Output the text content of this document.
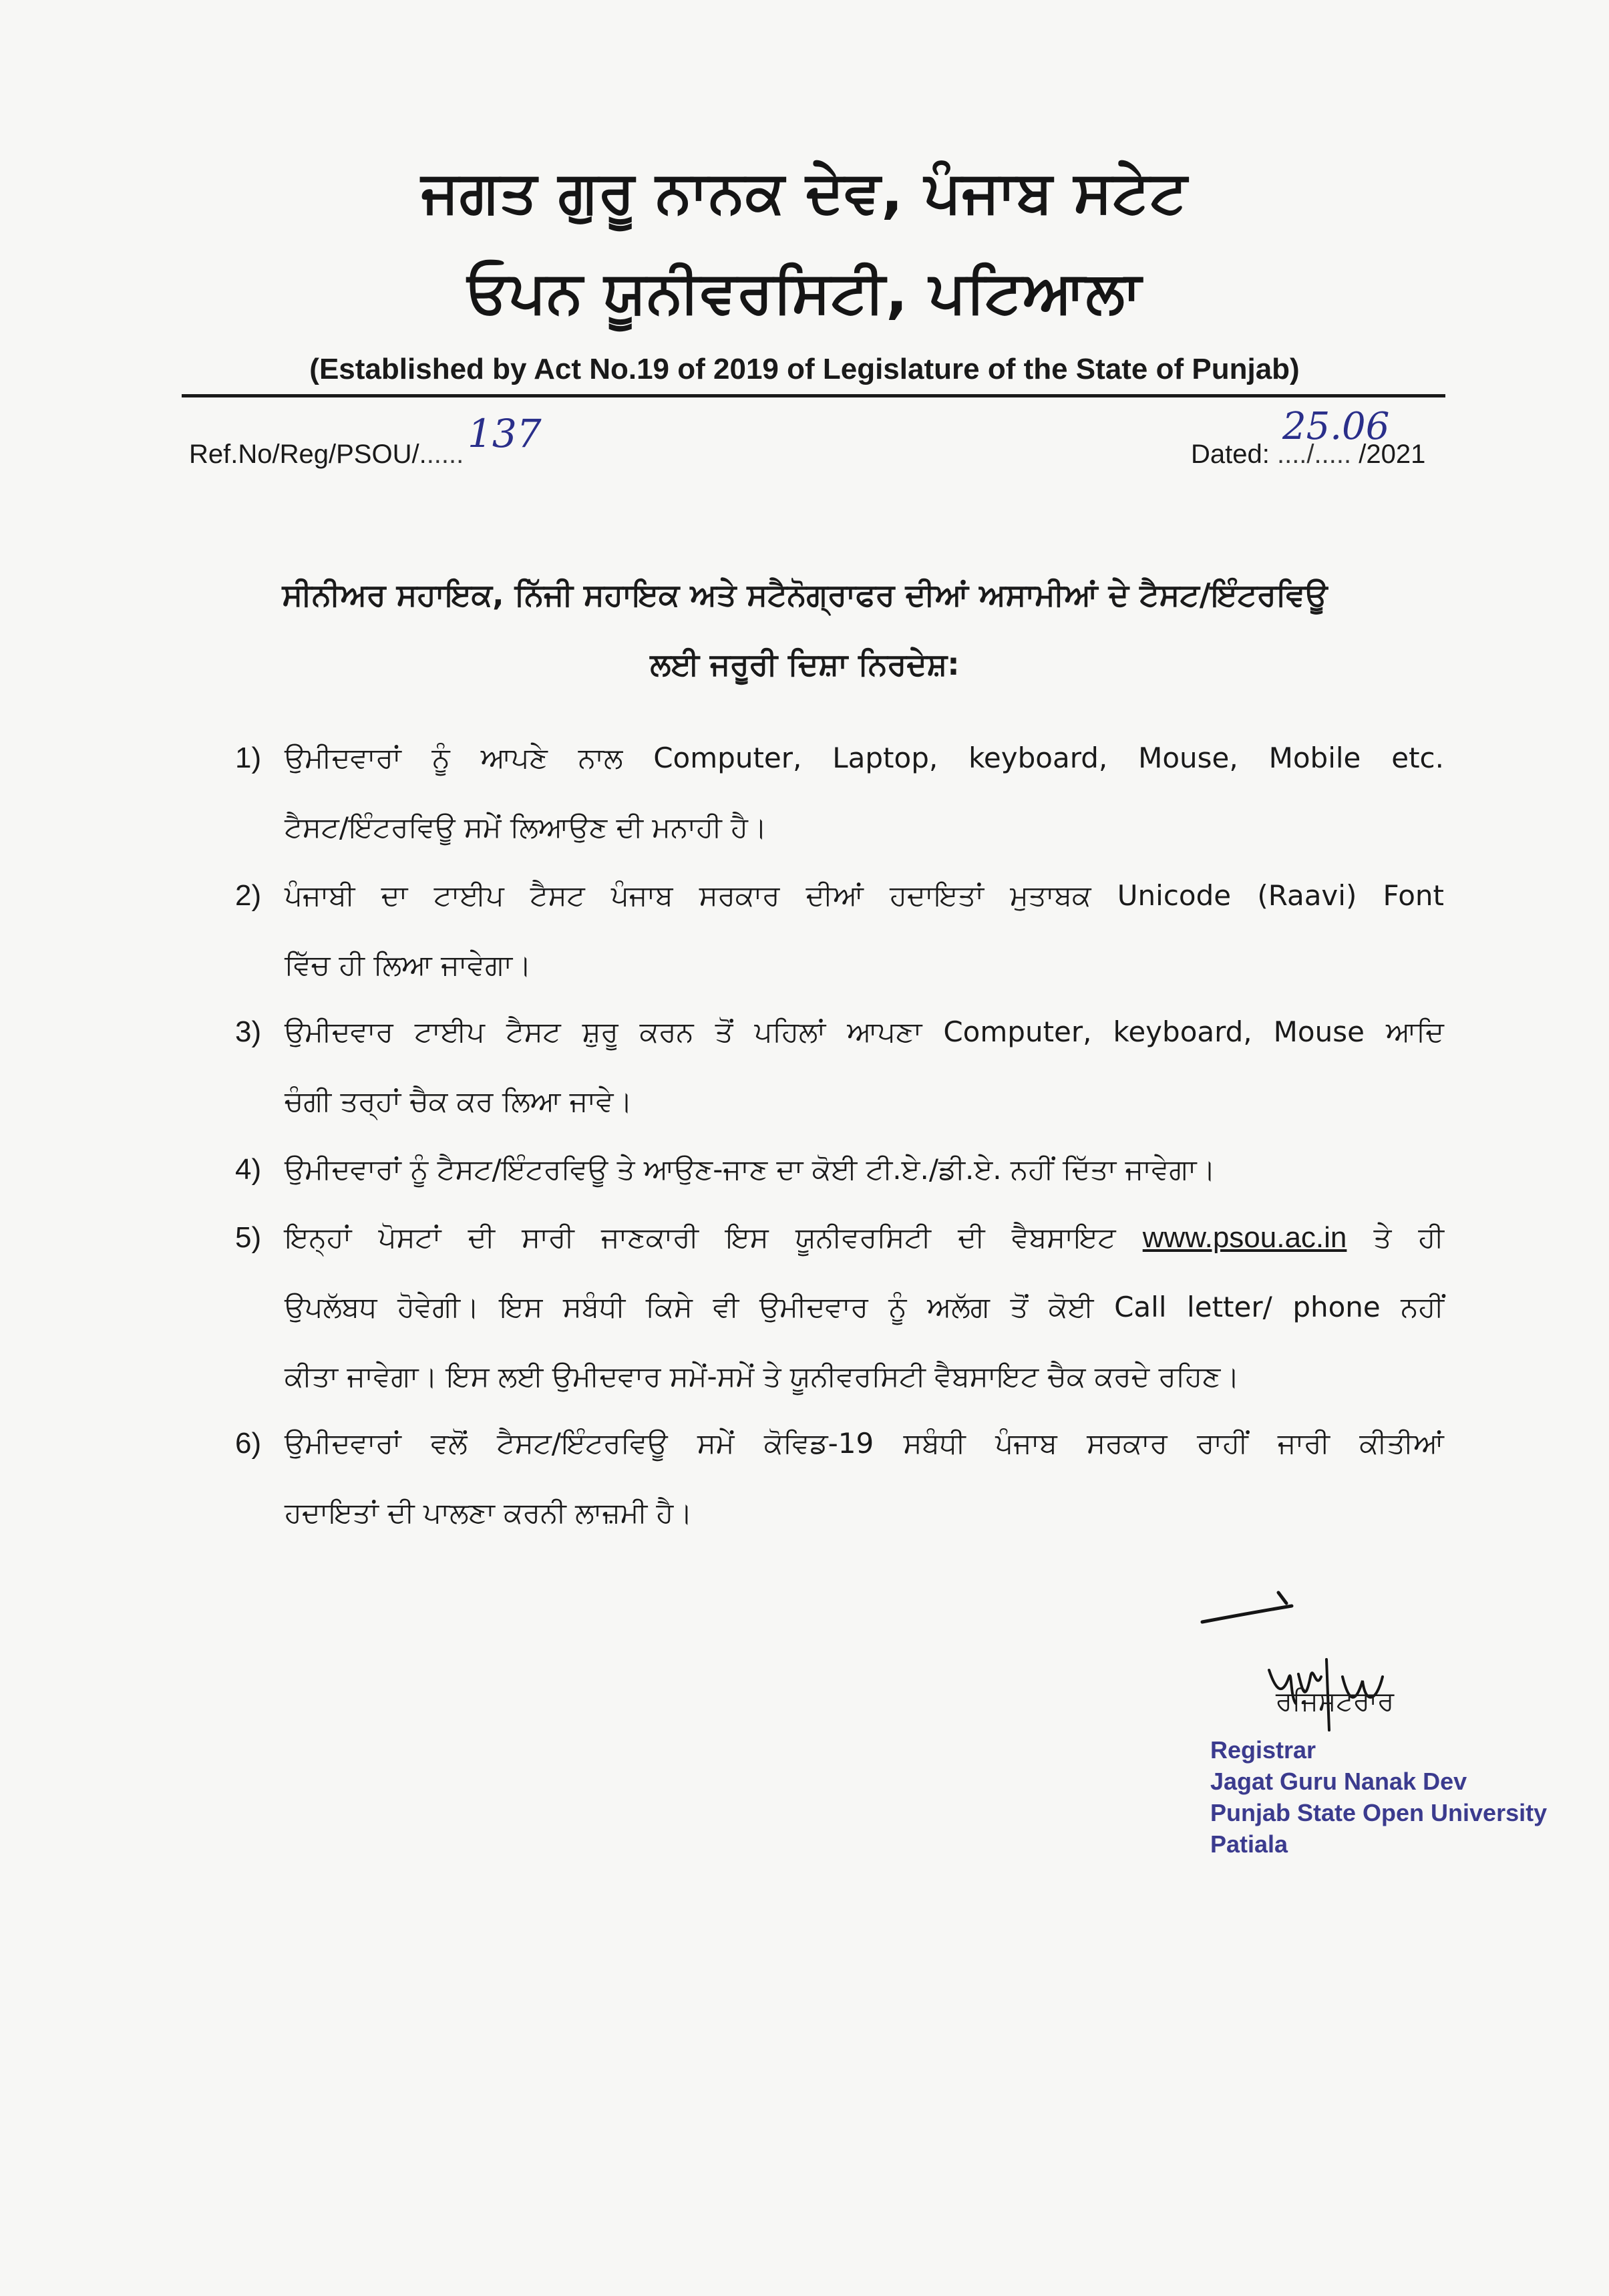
ਜਗਤ ਗੁਰੂ ਨਾਨਕ ਦੇਵ, ਪੰਜਾਬ ਸਟੇਟ
ਓਪਨ ਯੂਨੀਵਰਸਿਟੀ, ਪਟਿਆਲਾ
(Established by Act No.19 of 2019 of Legislature of the State of Punjab)
Ref.No/Reg/PSOU/...... 137	Dated: ..../..... /2021
25.06
ਸੀਨੀਅਰ ਸਹਾਇਕ, ਨਿੱਜੀ ਸਹਾਇਕ ਅਤੇ ਸਟੈਨੋਗ੍ਰਾਫਰ ਦੀਆਂ ਅਸਾਮੀਆਂ ਦੇ ਟੈਸਟ/ਇੰਟਰਵਿਊ
ਲਈ ਜਰੂਰੀ ਦਿਸ਼ਾ ਨਿਰਦੇਸ਼:
1) ਉਮੀਦਵਾਰਾਂ ਨੂੰ ਆਪਣੇ ਨਾਲ Computer, Laptop, keyboard, Mouse, Mobile etc.
ਟੈਸਟ/ਇੰਟਰਵਿਊ ਸਮੇਂ ਲਿਆਉਣ ਦੀ ਮਨਾਹੀ ਹੈ।
2) ਪੰਜਾਬੀ ਦਾ ਟਾਈਪ ਟੈਸਟ ਪੰਜਾਬ ਸਰਕਾਰ ਦੀਆਂ ਹਦਾਇਤਾਂ ਮੁਤਾਬਕ Unicode (Raavi) Font
ਵਿੱਚ ਹੀ ਲਿਆ ਜਾਵੇਗਾ।
3) ਉਮੀਦਵਾਰ ਟਾਈਪ ਟੈਸਟ ਸ਼ੁਰੂ ਕਰਨ ਤੋਂ ਪਹਿਲਾਂ ਆਪਣਾ Computer, keyboard, Mouse ਆਦਿ
ਚੰਗੀ ਤਰ੍ਹਾਂ ਚੈਕ ਕਰ ਲਿਆ ਜਾਵੇ।
4) ਉਮੀਦਵਾਰਾਂ ਨੂੰ ਟੈਸਟ/ਇੰਟਰਵਿਊ ਤੇ ਆਉਣ-ਜਾਣ ਦਾ ਕੋਈ ਟੀ.ਏ./ਡੀ.ਏ. ਨਹੀਂ ਦਿੱਤਾ ਜਾਵੇਗਾ।
5) ਇਨ੍ਹਾਂ ਪੋਸਟਾਂ ਦੀ ਸਾਰੀ ਜਾਣਕਾਰੀ ਇਸ ਯੂਨੀਵਰਸਿਟੀ ਦੀ ਵੈਬਸਾਇਟ www.psou.ac.in ਤੇ ਹੀ
ਉਪਲੱਬਧ ਹੋਵੇਗੀ। ਇਸ ਸਬੰਧੀ ਕਿਸੇ ਵੀ ਉਮੀਦਵਾਰ ਨੂੰ ਅਲੱਗ ਤੋਂ ਕੋਈ Call letter/ phone ਨਹੀਂ
ਕੀਤਾ ਜਾਵੇਗਾ। ਇਸ ਲਈ ਉਮੀਦਵਾਰ ਸਮੇਂ-ਸਮੇਂ ਤੇ ਯੂਨੀਵਰਸਿਟੀ ਵੈਬਸਾਇਟ ਚੈਕ ਕਰਦੇ ਰਹਿਣ।
6) ਉਮੀਦਵਾਰਾਂ ਵਲੋਂ ਟੈਸਟ/ਇੰਟਰਵਿਊ ਸਮੇਂ ਕੋਵਿਡ-19 ਸਬੰਧੀ ਪੰਜਾਬ ਸਰਕਾਰ ਰਾਹੀਂ ਜਾਰੀ ਕੀਤੀਆਂ
ਹਦਾਇਤਾਂ ਦੀ ਪਾਲਣਾ ਕਰਨੀ ਲਾਜ਼ਮੀ ਹੈ।
ਰਜਿਸਟਰਾਰ
Registrar
Jagat Guru Nanak Dev
Punjab State Open University
Patiala
